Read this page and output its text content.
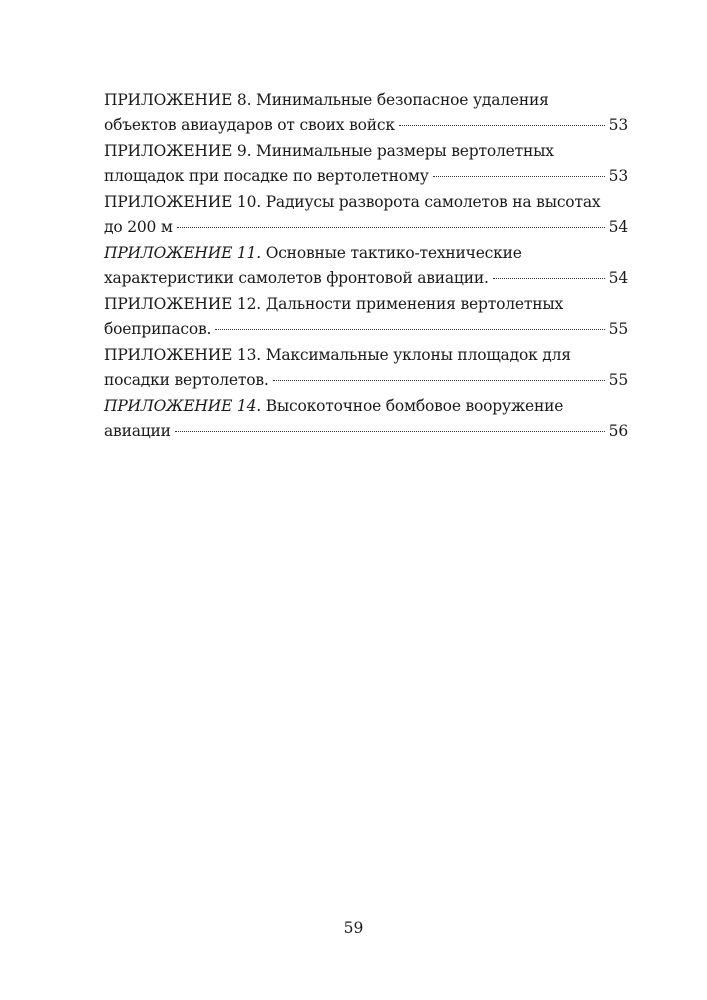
ПРИЛОЖЕНИЕ 8. Минимальные безопасное удаления
объектов авиаударов от своих войск	53
ПРИЛОЖЕНИЕ 9. Минимальные размеры вертолетных
площадок при посадке по вертолетному	53
ПРИЛОЖЕНИЕ 10. Радиусы разворота самолетов на высотах
до 200 м	54
ПРИЛОЖЕНИЕ 11. Основные тактико-технические
характеристики самолетов фронтовой авиации.	54
ПРИЛОЖЕНИЕ 12. Дальности применения вертолетных
боеприпасов.	55
ПРИЛОЖЕНИЕ 13. Максимальные уклоны площадок для
посадки вертолетов.	55
ПРИЛОЖЕНИЕ 14. Высокоточное бомбовое вооружение
авиации	56
59
